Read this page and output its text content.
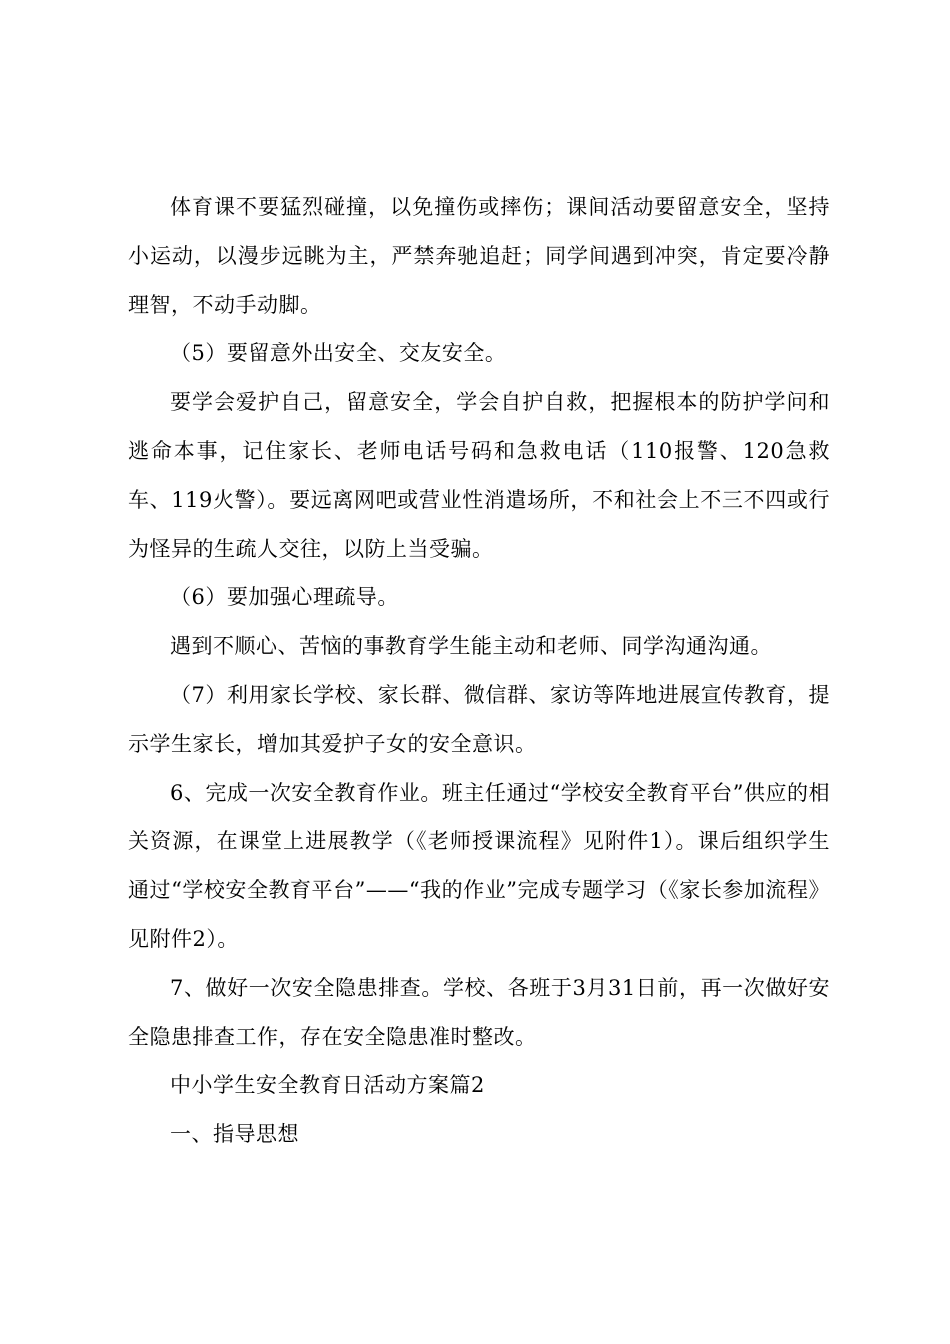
体育课不要猛烈碰撞，以免撞伤或摔伤；课间活动要留意安全，坚持小运动，以漫步远眺为主，严禁奔驰追赶；同学间遇到冲突，肯定要冷静理智，不动手动脚。

（5）要留意外出安全、交友安全。

要学会爱护自己，留意安全，学会自护自救，把握根本的防护学问和逃命本事，记住家长、老师电话号码和急救电话（110报警、120急救车、119火警）。要远离网吧或营业性消遣场所，不和社会上不三不四或行为怪异的生疏人交往，以防上当受骗。

（6）要加强心理疏导。

遇到不顺心、苦恼的事教育学生能主动和老师、同学沟通沟通。

（7）利用家长学校、家长群、微信群、家访等阵地进展宣传教育，提示学生家长，增加其爱护子女的安全意识。

6、完成一次安全教育作业。班主任通过“学校安全教育平台”供应的相关资源，在课堂上进展教学（《老师授课流程》见附件1）。课后组织学生通过“学校安全教育平台”——“我的作业”完成专题学习（《家长参加流程》见附件2）。

7、做好一次安全隐患排查。学校、各班于3月31日前，再一次做好安全隐患排查工作，存在安全隐患准时整改。

中小学生安全教育日活动方案篇2

一、指导思想
